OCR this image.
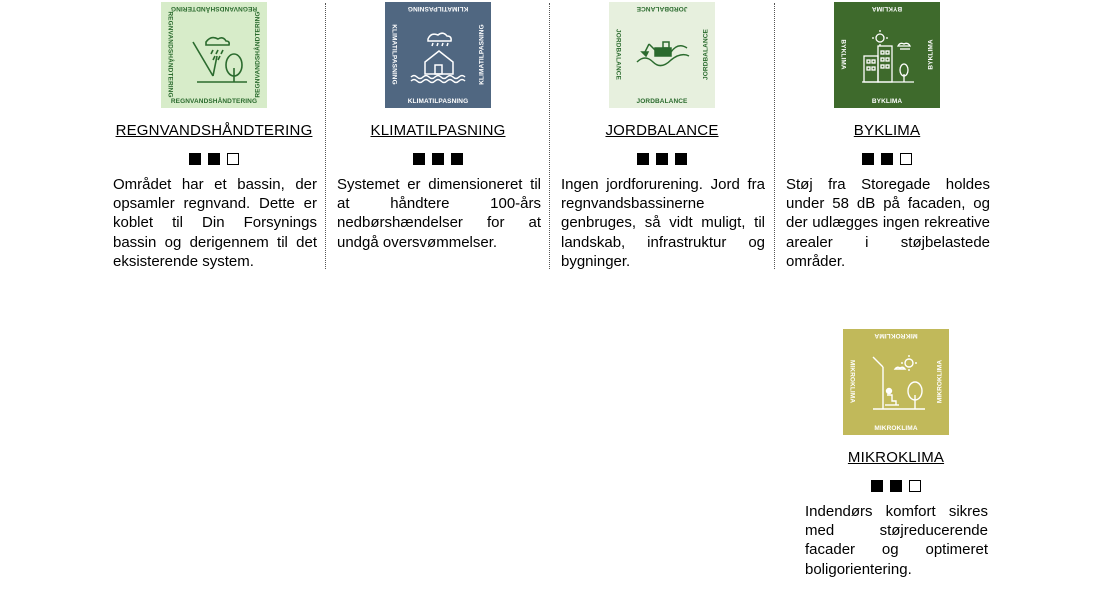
REGNVANDSHÅNDTERING
REGNVANDSHÅNDTERING
REGNVANDSHÅNDTERING	REGNVANDSHÅNDTERING
REGNVANDSHÅNDTERING
Området har et bassin, der opsamler regnvand. Dette er koblet til Din Forsynings bassin og derigennem til det eksisterende system.
KLIMATILPASNING
KLIMATILPASNING
KLIMATILPASNING	KLIMATILPASNING
KLIMATILPASNING
Systemet er dimensioneret til at håndtere 100-års nedbørshændelser for at undgå oversvømmelser.
JORDBALANCE
JORDBALANCE
JORDBALANCE	JORDBALANCE
JORDBALANCE
Ingen jordforurening. Jord fra regnvandsbassinerne genbruges, så vidt muligt, til landskab, infrastruktur og bygninger.
BYKLIMA
BYKLIMA
BYKLIMA	BYKLIMA
BYKLIMA
Støj fra Storegade holdes under 58 dB på facaden, og der udlægges ingen rekreative arealer i støjbelastede områder.
MIKROKLIMA
MIKROKLIMA
MIKROKLIMA	MIKROKLIMA
MIKROKLIMA
Indendørs komfort sikres med støjreducerende facader og optimeret boligorientering.
